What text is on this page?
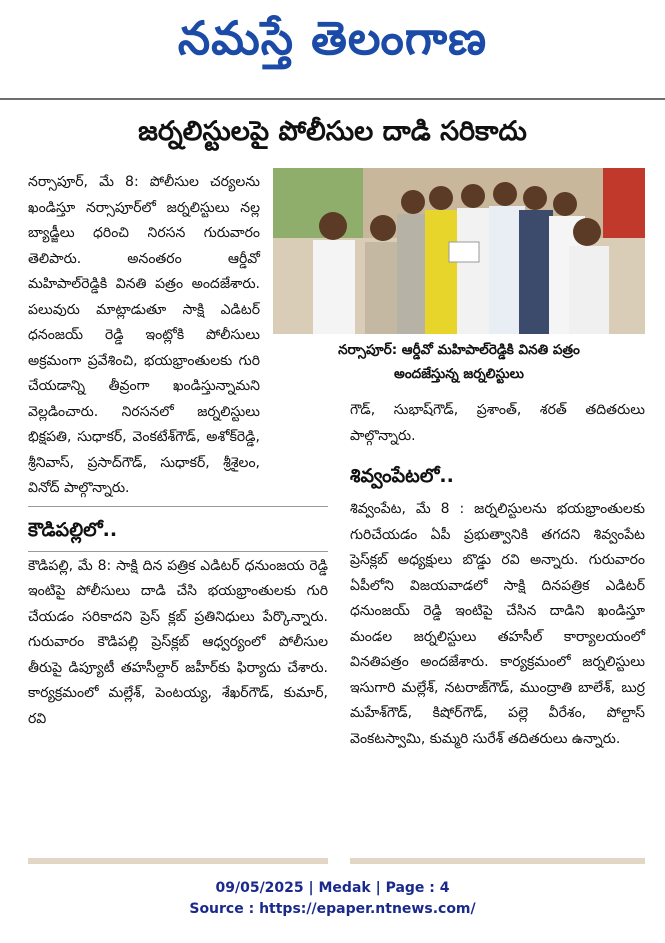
నమస్తే తెలంగాణ
జర్నలిస్టులపై పోలీసుల దాడి సరికాదు
నర్సాపూర్: ఆర్డీవో మహిపాల్‌రెడ్డికి వినతి పత్రం
అందజేస్తున్న జర్నలిస్టులు

నర్సాపూర్, మే 8: పోలీసుల చర్యలను ఖండిస్తూ నర్సాపూర్‌లో జర్నలిస్టులు నల్ల బ్యాడ్జీలు ధరించి నిరసన గురువారం తెలిపారు. అనంతరం ఆర్డీవో మహిపాల్‌రెడ్డికి వినతి పత్రం అందజేశారు. పలువురు మాట్లాడుతూ సాక్షి ఎడిటర్ ధనంజయ్ రెడ్డి ఇంట్లోకి పోలీసులు అక్రమంగా ప్రవేశించి, భయభ్రాంతులకు గురి చేయడాన్ని తీవ్రంగా ఖండిస్తున్నామని వెల్లడించారు. నిరసనలో జర్నలిస్టులు భిక్షపతి, సుధాకర్, వెంకటేశ్‌గౌడ్, అశోక్‌రెడ్డి, శ్రీనివాస్, ప్రసాద్‌గౌడ్, సుధాకర్, శ్రీశైలం, వినోద్ పాల్గొన్నారు.

కౌడిపల్లిలో..

కౌడిపల్లి, మే 8: సాక్షి దిన పత్రిక ఎడిటర్ ధనుంజయ రెడ్డి ఇంటిపై పోలీసులు దాడి చేసి భయభ్రాంతులకు గురి చేయడం సరికాదని ప్రెస్ క్లబ్ ప్రతినిధులు పేర్కొన్నారు. గురువారం కౌడిపల్లి ప్రెస్‌క్లబ్ ఆధ్వర్యంలో పోలీసుల తీరుపై డిప్యూటీ తహసీల్దార్ జహీర్‌కు ఫిర్యాదు చేశారు. కార్యక్రమంలో మల్లేశ్, పెంటయ్య, శేఖర్‌గౌడ్, కుమార్, రవి

గౌడ్, సుభాష్‌గౌడ్, ప్రశాంత్, శరత్ తదితరులు పాల్గొన్నారు.

శివ్వంపేటలో..

శివ్వంపేట, మే 8 : జర్నలిస్టులను భయభ్రాంతులకు గురిచేయడం ఏపీ ప్రభుత్వానికి తగదని శివ్వంపేట ప్రెస్‌క్లబ్ అధ్యక్షులు బొడ్డు రవి అన్నారు. గురువారం ఏపీలోని విజయవాడలో సాక్షి దినపత్రిక ఎడిటర్ ధనుంజయ్ రెడ్డి ఇంటిపై చేసిన దాడిని ఖండిస్తూ మండల జర్నలిస్టులు తహసీల్ కార్యాలయంలో వినతిపత్రం అందజేశారు. కార్యక్రమంలో జర్నలిస్టులు ఇసుగారి మల్లేశ్, నటరాజ్‌గౌడ్, ముంద్రాతి బాలేశ్, బుర్ర మహేశ్‌గౌడ్, కిషోర్‌గౌడ్, పల్లె వీరేశం, పోల్దాస్ వెంకటస్వామి, కుమ్మరి సురేశ్ తదితరులు ఉన్నారు.

09/05/2025 | Medak | Page : 4
Source : https://epaper.ntnews.com/
